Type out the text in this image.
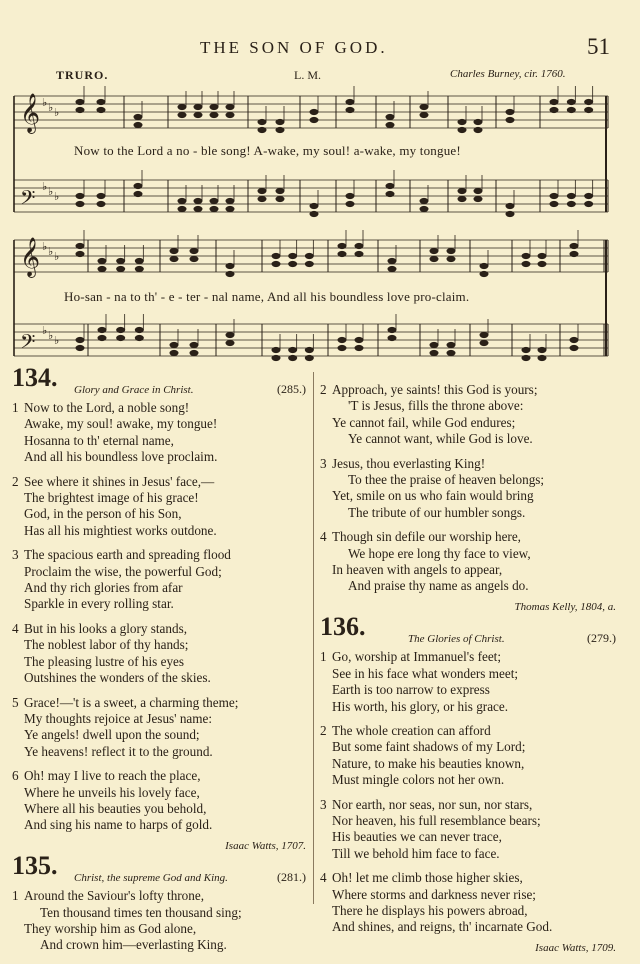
THE SON OF GOD.	51
TRURO.	L. M.	Charles Burney, cir. 1760.
𝄞 ♭ ♭ ♭
𝄢 ♭ ♭ ♭
𝄞 ♭ ♭ ♭
𝄢 ♭ ♭ ♭
Now to the Lord a no - ble song! A-wake, my soul! a-wake, my tongue!
Ho-san - na to th' - e - ter - nal name, And all his boundless love pro-claim.
134. Glory and Grace in Christ.	(285.)
1 Now to the Lord, a noble song!
Awake, my soul! awake, my tongue!
Hosanna to th' eternal name,
And all his boundless love proclaim.
2 See where it shines in Jesus' face,—
The brightest image of his grace!
God, in the person of his Son,
Has all his mightiest works outdone.
3 The spacious earth and spreading flood
Proclaim the wise, the powerful God;
And thy rich glories from afar
Sparkle in every rolling star.
4 But in his looks a glory stands,
The noblest labor of thy hands;
The pleasing lustre of his eyes
Outshines the wonders of the skies.
5 Grace!—'t is a sweet, a charming theme;
My thoughts rejoice at Jesus' name:
Ye angels! dwell upon the sound;
Ye heavens! reflect it to the ground.
6 Oh! may I live to reach the place,
Where he unveils his lovely face,
Where all his beauties you behold,
And sing his name to harps of gold.
Isaac Watts, 1707.
135. Christ, the supreme God and King.	(281.)
1 Around the Saviour's lofty throne,
Ten thousand times ten thousand sing;
They worship him as God alone,
And crown him—everlasting King.
2 Approach, ye saints! this God is yours;
'T is Jesus, fills the throne above:
Ye cannot fail, while God endures;
Ye cannot want, while God is love.
3 Jesus, thou everlasting King!
To thee the praise of heaven belongs;
Yet, smile on us who fain would bring
The tribute of our humbler songs.
4 Though sin defile our worship here,
We hope ere long thy face to view,
In heaven with angels to appear,
And praise thy name as angels do.
Thomas Kelly, 1804, a.
136.	The Glories of Christ.	(279.)
1 Go, worship at Immanuel's feet;
See in his face what wonders meet;
Earth is too narrow to express
His worth, his glory, or his grace.
2 The whole creation can afford
But some faint shadows of my Lord;
Nature, to make his beauties known,
Must mingle colors not her own.
3 Nor earth, nor seas, nor sun, nor stars,
Nor heaven, his full resemblance bears;
His beauties we can never trace,
Till we behold him face to face.
4 Oh! let me climb those higher skies,
Where storms and darkness never rise;
There he displays his powers abroad,
And shines, and reigns, th' incarnate God.
Isaac Watts, 1709.
